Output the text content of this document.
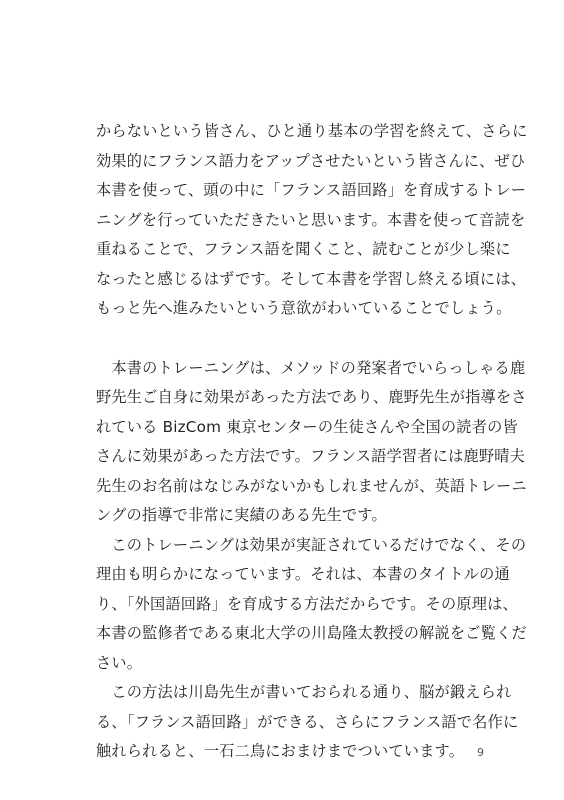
からないという皆さん、ひと通り基本の学習を終えて、さらに
効果的にフランス語力をアップさせたいという皆さんに、ぜひ
本書を使って、頭の中に「フランス語回路」を育成するトレー
ニングを行っていただきたいと思います。本書を使って音読を
重ねることで、フランス語を聞くこと、読むことが少し楽に
なったと感じるはずです。そして本書を学習し終える頃には、
もっと先へ進みたいという意欲がわいていることでしょう。
　本書のトレーニングは、メソッドの発案者でいらっしゃる鹿
野先生ご自身に効果があった方法であり、鹿野先生が指導をさ
れている BizCom 東京センターの生徒さんや全国の読者の皆
さんに効果があった方法です。フランス語学習者には鹿野晴夫
先生のお名前はなじみがないかもしれませんが、英語トレーニ
ングの指導で非常に実績のある先生です。
　このトレーニングは効果が実証されているだけでなく、その
理由も明らかになっています。それは、本書のタイトルの通
り、「外国語回路」を育成する方法だからです。その原理は、
本書の監修者である東北大学の川島隆太教授の解説をご覧くだ
さい。
　この方法は川島先生が書いておられる通り、脳が鍛えられ
る、「フランス語回路」ができる、さらにフランス語で名作に
触れられると、一石二鳥におまけまでついています。	9
